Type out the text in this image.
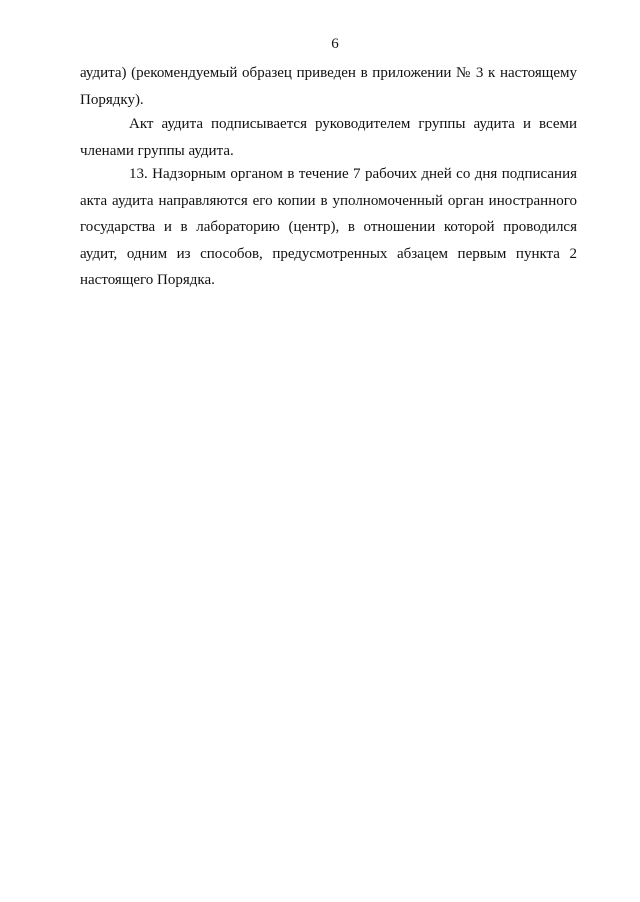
6
аудита) (рекомендуемый образец приведен в приложении № 3 к настоящему
Порядку).
Акт аудита подписывается руководителем группы аудита и всеми
членами группы аудита.
13. Надзорным органом в течение 7 рабочих дней со дня подписания
акта аудита направляются его копии в уполномоченный орган иностранного
государства и в лабораторию (центр), в отношении которой проводился
аудит, одним из способов, предусмотренных абзацем первым пункта 2
настоящего Порядка.
